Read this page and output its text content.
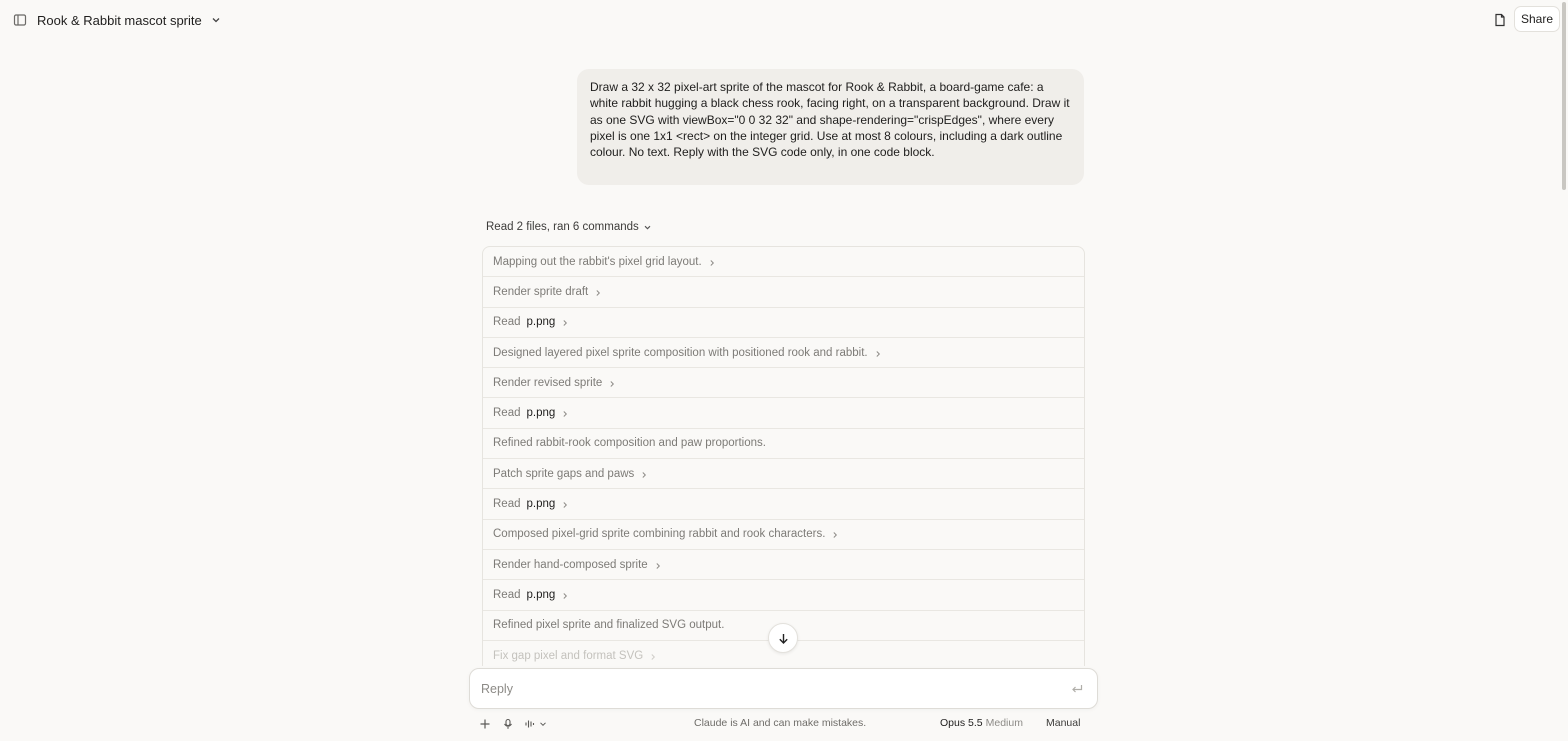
Rook & Rabbit mascot sprite	Share
Draw a 32 x 32 pixel-art sprite of the mascot for Rook & Rabbit, a board-game cafe: a white rabbit hugging a black chess rook, facing right, on a transparent background. Draw it as one SVG with viewBox="0 0 32 32" and shape-rendering="crispEdges", where every pixel is one 1x1 <rect> on the integer grid. Use at most 8 colours, including a dark outline colour. No text. Reply with the SVG code only, in one code block.
Read 2 files, ran 6 commands
Mapping out the rabbit's pixel grid layout.
Render sprite draft
Read p.png
Designed layered pixel sprite composition with positioned rook and rabbit.
Render revised sprite
Read p.png
Refined rabbit-rook composition and paw proportions.
Patch sprite gaps and paws
Read p.png
Composed pixel-grid sprite combining rabbit and rook characters.
Render hand-composed sprite
Read p.png
Refined pixel sprite and finalized SVG output.
Fix gap pixel and format SVG
Reply
Claude is AI and can make mistakes.	Opus 5.5 Medium Manual
